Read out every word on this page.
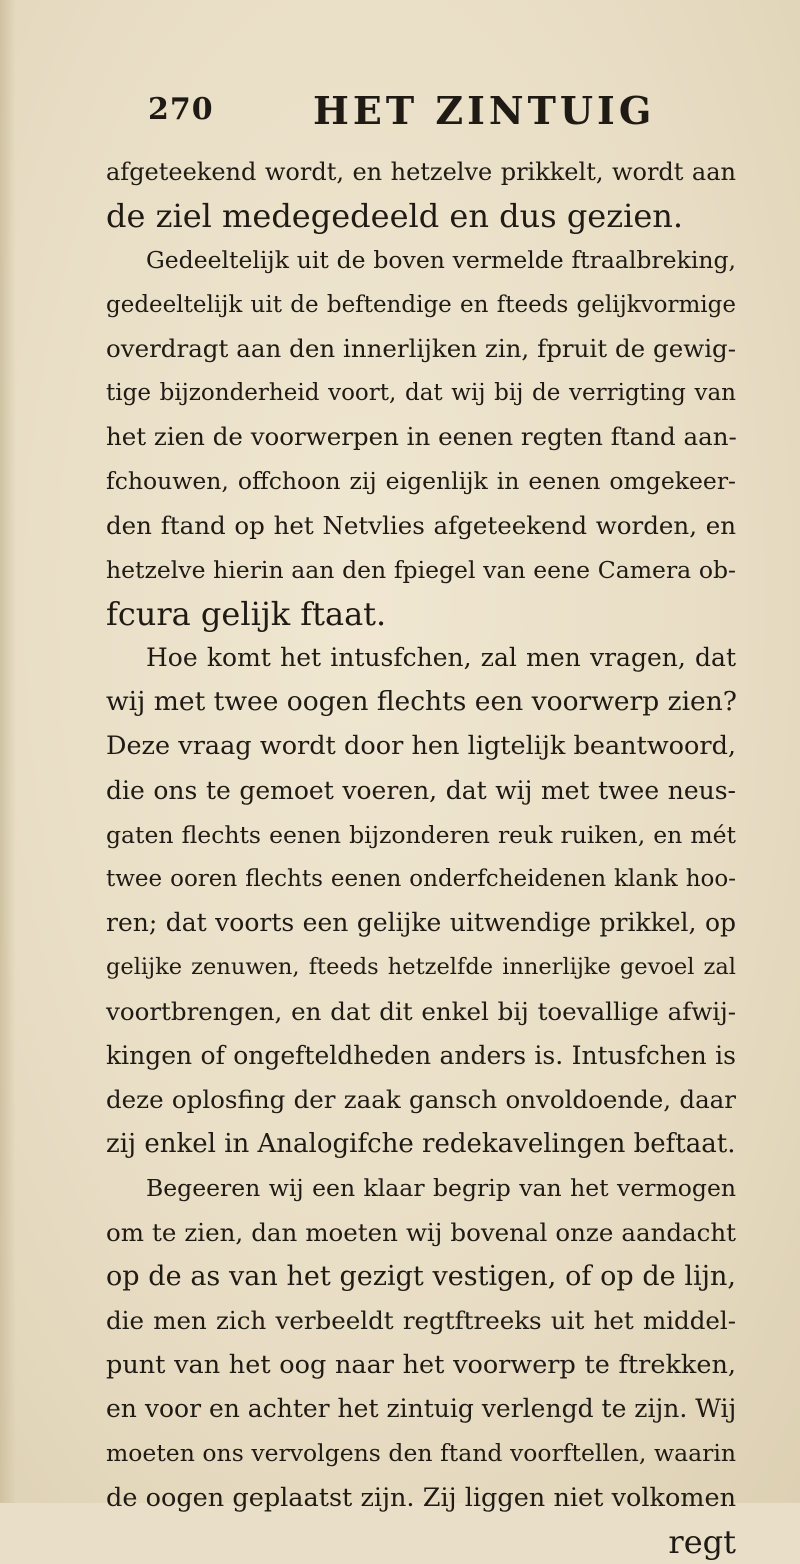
270	HET ZINTUIG
afgeteekend wordt, en hetzelve prikkelt, wordt aan
de ziel medegedeeld en dus gezien.
Gedeeltelijk uit de boven vermelde ftraalbreking,
gedeeltelijk uit de beftendige en fteeds gelijkvormige
overdragt aan den innerlijken zin, fpruit de gewig-
tige bijzonderheid voort, dat wij bij de verrigting van
het zien de voorwerpen in eenen regten ftand aan-
fchouwen, offchoon zij eigenlijk in eenen omgekeer-
den ftand op het Netvlies afgeteekend worden, en
hetzelve hierin aan den fpiegel van eene Camera ob-
fcura gelijk ftaat.
Hoe komt het intusfchen, zal men vragen, dat
wij met twee oogen flechts een voorwerp zien?
Deze vraag wordt door hen ligtelijk beantwoord,
die ons te gemoet voeren, dat wij met twee neus-
gaten flechts eenen bijzonderen reuk ruiken, en mét
twee ooren flechts eenen onderfcheidenen klank hoo-
ren; dat voorts een gelijke uitwendige prikkel, op
gelijke zenuwen, fteeds hetzelfde innerlijke gevoel zal
voortbrengen, en dat dit enkel bij toevallige afwij-
kingen of ongefteldheden anders is. Intusfchen is
deze oplosfing der zaak gansch onvoldoende, daar
zij enkel in Analogifche redekavelingen beftaat.
Begeeren wij een klaar begrip van het vermogen
om te zien, dan moeten wij bovenal onze aandacht
op de as van het gezigt vestigen, of op de lijn,
die men zich verbeeldt regtftreeks uit het middel-
punt van het oog naar het voorwerp te ftrekken,
en voor en achter het zintuig verlengd te zijn. Wij
moeten ons vervolgens den ftand voorftellen, waarin
de oogen geplaatst zijn. Zij liggen niet volkomen
regt
